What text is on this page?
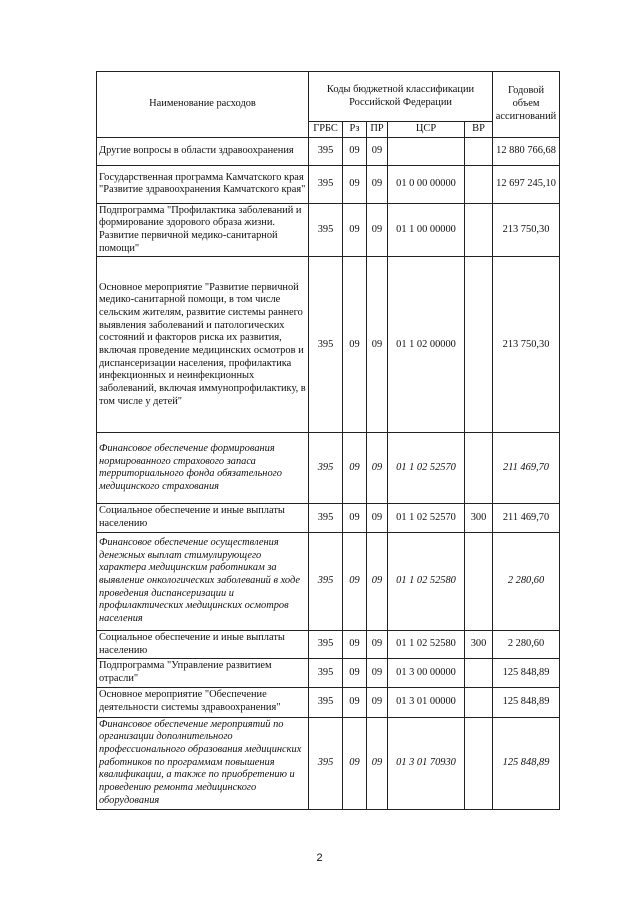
Наименование расходов	Коды бюджетной классификации Российской Федерации					Годовой объем ассигнований
	ГРБС	Рз	ПР	ЦСР	ВР	
Другие вопросы в области здравоохранения	395	09	09			12 880 766,68
Государственная программа Камчатского края "Развитие здравоохранения Камчатского края"	395	09	09	01 0 00 00000		12 697 245,10
Подпрограмма "Профилактика заболеваний и формирование здорового образа жизни. Развитие первичной медико-санитарной помощи"	395	09	09	01 1 00 00000		213 750,30
Основное мероприятие "Развитие первичной медико-санитарной помощи, в том числе сельским жителям, развитие системы раннего выявления заболеваний и патологических состояний и факторов риска их развития, включая проведение медицинских осмотров и диспансеризации населения, профилактика инфекционных и неинфекционных заболеваний, включая иммунопрофилактику, в том числе у детей"	395	09	09	01 1 02 00000		213 750,30
Финансовое обеспечение формирования нормированного страхового запаса территориального фонда обязательного медицинского страхования	395	09	09	01 1 02 52570		211 469,70
Социальное обеспечение и иные выплаты населению	395	09	09	01 1 02 52570	300	211 469,70
Финансовое обеспечение осуществления денежных выплат стимулирующего характера медицинским работникам за выявление онкологических заболеваний в ходе проведения диспансеризации и профилактических медицинских осмотров населения	395	09	09	01 1 02 52580		2 280,60
Социальное обеспечение и иные выплаты населению	395	09	09	01 1 02 52580	300	2 280,60
Подпрограмма "Управление развитием отрасли"	395	09	09	01 3 00 00000		125 848,89
Основное мероприятие "Обеспечение деятельности системы здравоохранения"	395	09	09	01 3 01 00000		125 848,89
Финансовое обеспечение мероприятий по организации дополнительного профессионального образования медицинских работников по программам повышения квалификации, а также по приобретению и проведению ремонта медицинского оборудования	395	09	09	01 3 01 70930		125 848,89
2
